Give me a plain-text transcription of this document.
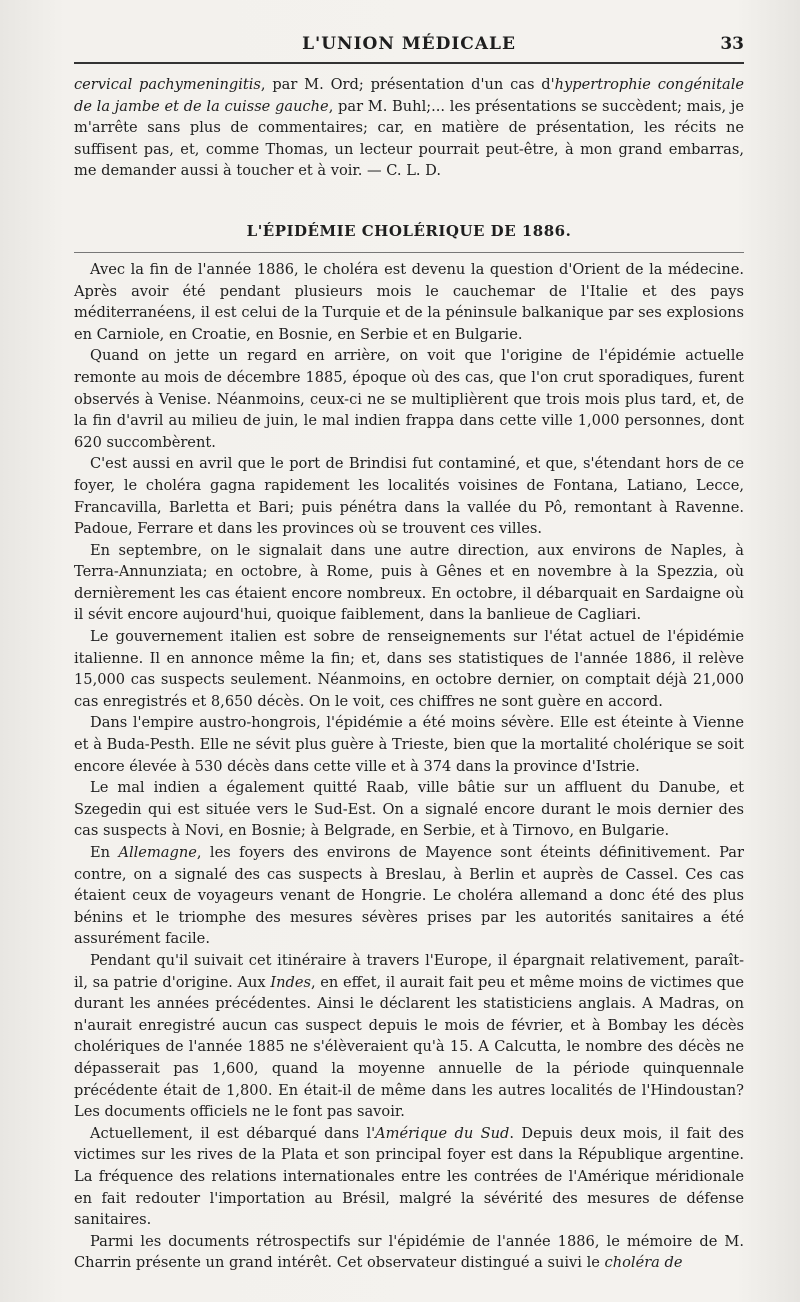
L'UNION MÉDICALE	33

cervical pachymeningitis, par M. Ord; présentation d'un cas d'hypertrophie congénitale de la jambe et de la cuisse gauche, par M. Buhl;... les présentations se succèdent; mais, je m'arrête sans plus de commentaires; car, en matière de présentation, les récits ne suffisent pas, et, comme Thomas, un lecteur pourrait peut-être, à mon grand embarras, me demander aussi à toucher et à voir. — C. L. D.

L'ÉPIDÉMIE CHOLÉRIQUE DE 1886.

Avec la fin de l'année 1886, le choléra est devenu la question d'Orient de la médecine. Après avoir été pendant plusieurs mois le cauchemar de l'Italie et des pays méditerranéens, il est celui de la Turquie et de la péninsule balkanique par ses explosions en Carniole, en Croatie, en Bosnie, en Serbie et en Bulgarie.

Quand on jette un regard en arrière, on voit que l'origine de l'épidémie actuelle remonte au mois de décembre 1885, époque où des cas, que l'on crut sporadiques, furent observés à Venise. Néanmoins, ceux-ci ne se multiplièrent que trois mois plus tard, et, de la fin d'avril au milieu de juin, le mal indien frappa dans cette ville 1,000 personnes, dont 620 succombèrent.

C'est aussi en avril que le port de Brindisi fut contaminé, et que, s'étendant hors de ce foyer, le choléra gagna rapidement les localités voisines de Fontana, Latiano, Lecce, Francavilla, Barletta et Bari; puis pénétra dans la vallée du Pô, remontant à Ravenne. Padoue, Ferrare et dans les provinces où se trouvent ces villes.

En septembre, on le signalait dans une autre direction, aux environs de Naples, à Terra-Annunziata; en octobre, à Rome, puis à Gênes et en novembre à la Spezzia, où dernièrement les cas étaient encore nombreux. En octobre, il débarquait en Sardaigne où il sévit encore aujourd'hui, quoique faiblement, dans la banlieue de Cagliari.

Le gouvernement italien est sobre de renseignements sur l'état actuel de l'épidémie italienne. Il en annonce même la fin; et, dans ses statistiques de l'année 1886, il relève 15,000 cas suspects seulement. Néanmoins, en octobre dernier, on comptait déjà 21,000 cas enregistrés et 8,650 décès. On le voit, ces chiffres ne sont guère en accord.

Dans l'empire austro-hongrois, l'épidémie a été moins sévère. Elle est éteinte à Vienne et à Buda-Pesth. Elle ne sévit plus guère à Trieste, bien que la mortalité cholérique se soit encore élevée à 530 décès dans cette ville et à 374 dans la province d'Istrie.

Le mal indien a également quitté Raab, ville bâtie sur un affluent du Danube, et Szegedin qui est située vers le Sud-Est. On a signalé encore durant le mois dernier des cas suspects à Novi, en Bosnie; à Belgrade, en Serbie, et à Tirnovo, en Bulgarie.

En Allemagne, les foyers des environs de Mayence sont éteints définitivement. Par contre, on a signalé des cas suspects à Breslau, à Berlin et auprès de Cassel. Ces cas étaient ceux de voyageurs venant de Hongrie. Le choléra allemand a donc été des plus bénins et le triomphe des mesures sévères prises par les autorités sanitaires a été assurément facile.

Pendant qu'il suivait cet itinéraire à travers l'Europe, il épargnait relativement, paraît-il, sa patrie d'origine. Aux Indes, en effet, il aurait fait peu et même moins de victimes que durant les années précédentes. Ainsi le déclarent les statisticiens anglais. A Madras, on n'aurait enregistré aucun cas suspect depuis le mois de février, et à Bombay les décès cholériques de l'année 1885 ne s'élèveraient qu'à 15. A Calcutta, le nombre des décès ne dépasserait pas 1,600, quand la moyenne annuelle de la période quinquennale précédente était de 1,800. En était-il de même dans les autres localités de l'Hindoustan? Les documents officiels ne le font pas savoir.

Actuellement, il est débarqué dans l'Amérique du Sud. Depuis deux mois, il fait des victimes sur les rives de la Plata et son principal foyer est dans la République argentine. La fréquence des relations internationales entre les contrées de l'Amérique méridionale en fait redouter l'importation au Brésil, malgré la sévérité des mesures de défense sanitaires.

Parmi les documents rétrospectifs sur l'épidémie de l'année 1886, le mémoire de M. Charrin présente un grand intérêt. Cet observateur distingué a suivi le choléra de
